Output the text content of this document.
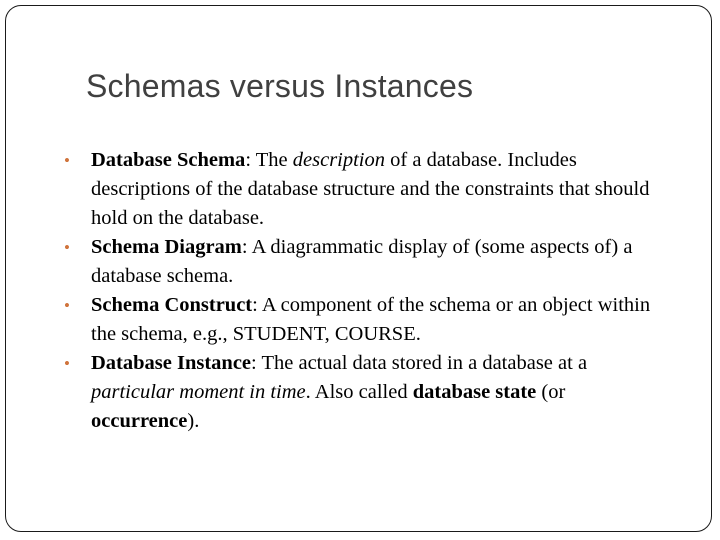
Schemas versus Instances
• Database Schema: The description of a database. Includes descriptions of the database structure and the constraints that should hold on the database.
• Schema Diagram: A diagrammatic display of (some aspects of) a database schema.
• Schema Construct: A component of the schema or an object within the schema, e.g., STUDENT, COURSE.
• Database Instance: The actual data stored in a database at a particular moment in time. Also called database state (or occurrence).
